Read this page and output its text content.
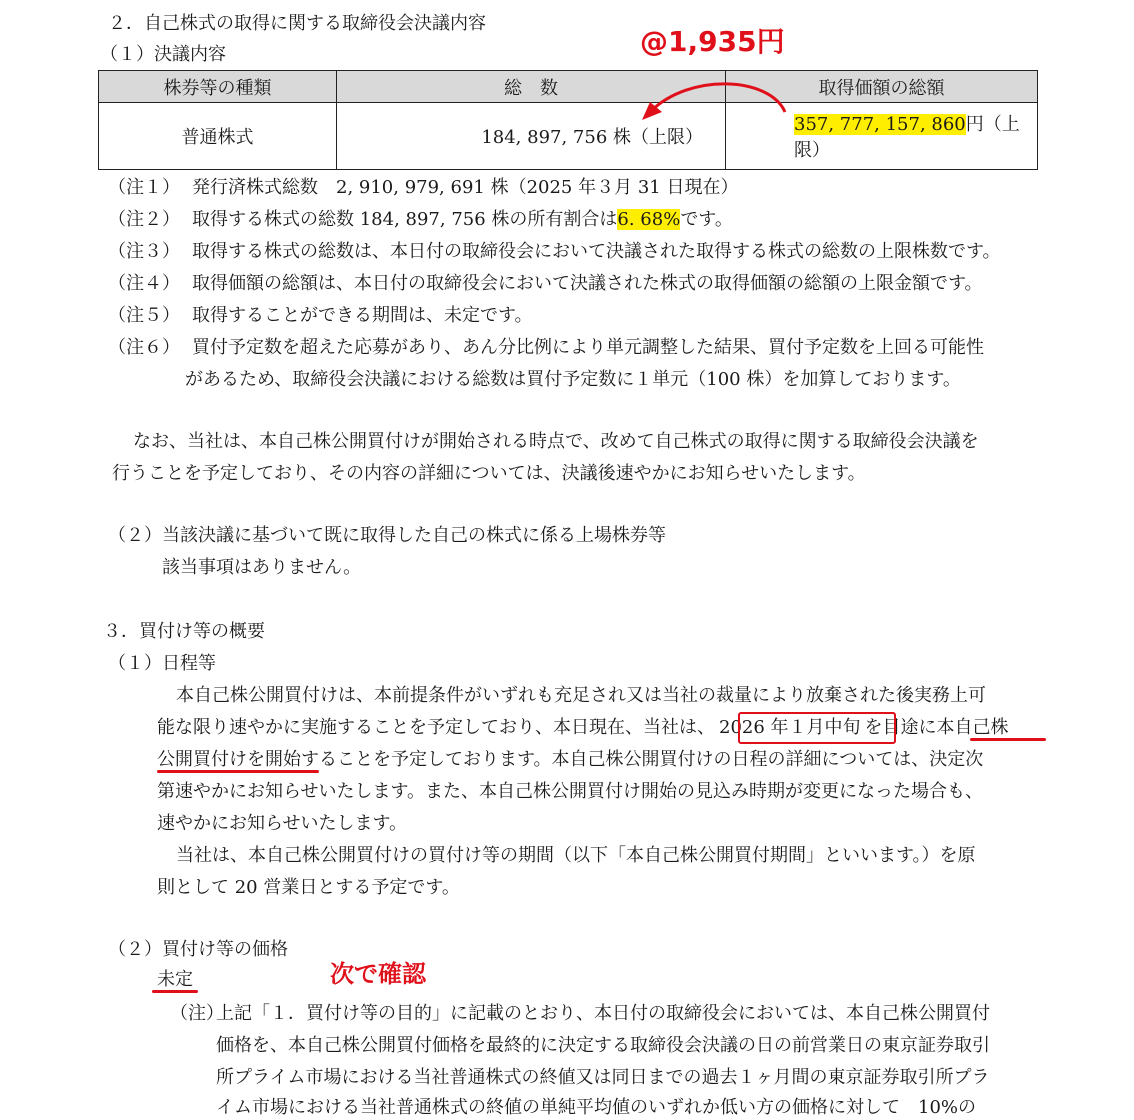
２．自己株式の取得に関する取締役会決議内容
（１）決議内容
株券等の種類	総　数	取得価額の総額
普通株式	184, 897, 756 株（上限）	357, 777, 157, 860円（上限）
@1,935円
（注１） 発行済株式総数　2, 910, 979, 691 株（2025 年３月 31 日現在）
（注２） 取得する株式の総数 184, 897, 756 株の所有割合は6. 68%です。
（注３） 取得する株式の総数は、本日付の取締役会において決議された取得する株式の総数の上限株数です。
（注４） 取得価額の総額は、本日付の取締役会において決議された株式の取得価額の総額の上限金額です。
（注５） 取得することができる期間は、未定です。
（注６） 買付予定数を超えた応募があり、あん分比例により単元調整した結果、買付予定数を上回る可能性
があるため、取締役会決議における総数は買付予定数に１単元（100 株）を加算しております。
なお、当社は、本自己株公開買付けが開始される時点で、改めて自己株式の取得に関する取締役会決議を
行うことを予定しており、その内容の詳細については、決議後速やかにお知らせいたします。
（２）当該決議に基づいて既に取得した自己の株式に係る上場株券等
該当事項はありません。
３．買付け等の概要
（１）日程等
本自己株公開買付けは、本前提条件がいずれも充足され又は当社の裁量により放棄された後実務上可
能な限り速やかに実施することを予定しており、本日現在、当社は、 2026 年１月中旬 を目途に本自己株
公開買付けを開始することを予定しております。本自己株公開買付けの日程の詳細については、決定次
第速やかにお知らせいたします。また、本自己株公開買付け開始の見込み時期が変更になった場合も、
速やかにお知らせいたします。
当社は、本自己株公開買付けの買付け等の期間（以下「本自己株公開買付期間」といいます。）を原
則として 20 営業日とする予定です。
（２）買付け等の価格
未定	次で確認
（注）
上記「１．買付け等の目的」に記載のとおり、本日付の取締役会においては、本自己株公開買付
価格を、本自己株公開買付価格を最終的に決定する取締役会決議の日の前営業日の東京証券取引
所プライム市場における当社普通株式の終値又は同日までの過去１ヶ月間の東京証券取引所プラ
イム市場における当社普通株式の終値の単純平均値のいずれか低い方の価格に対して　10%の
